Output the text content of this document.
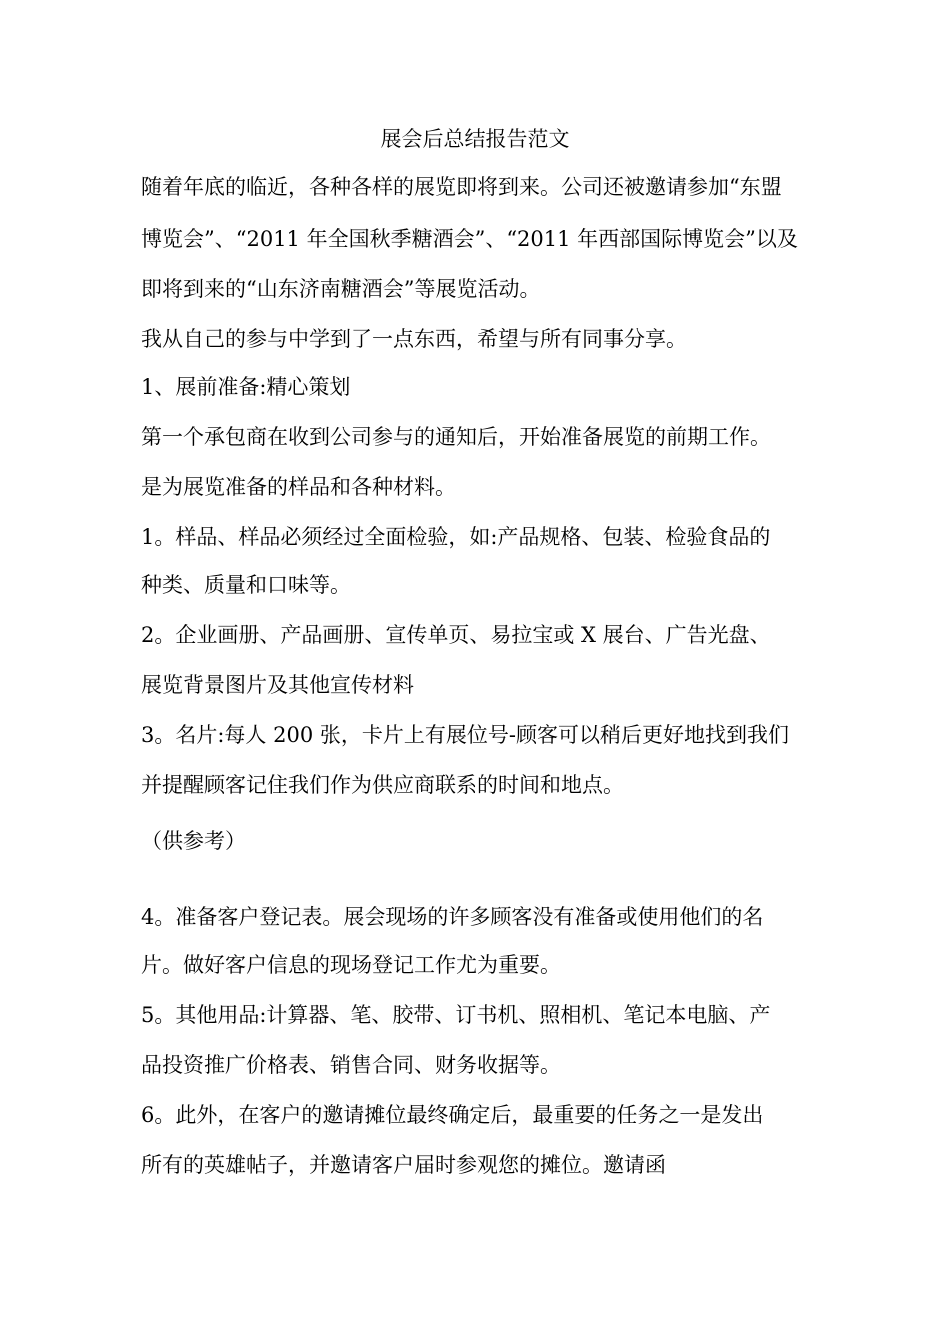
展会后总结报告范文
随着年底的临近，各种各样的展览即将到来。公司还被邀请参加“东盟
博览会”、“2011 年全国秋季糖酒会”、“2011 年西部国际博览会”以及
即将到来的“山东济南糖酒会”等展览活动。
我从自己的参与中学到了一点东西，希望与所有同事分享。
1、展前准备:精心策划
第一个承包商在收到公司参与的通知后，开始准备展览的前期工作。
是为展览准备的样品和各种材料。
1。样品、样品必须经过全面检验，如:产品规格、包装、检验食品的
种类、质量和口味等。
2。企业画册、产品画册、宣传单页、易拉宝或 X 展台、广告光盘、
展览背景图片及其他宣传材料
3。名片:每人 200 张，卡片上有展位号-顾客可以稍后更好地找到我们
并提醒顾客记住我们作为供应商联系的时间和地点。
（供参考）
4。准备客户登记表。展会现场的许多顾客没有准备或使用他们的名
片。做好客户信息的现场登记工作尤为重要。
5。其他用品:计算器、笔、胶带、订书机、照相机、笔记本电脑、产
品投资推广价格表、销售合同、财务收据等。
6。此外，在客户的邀请摊位最终确定后，最重要的任务之一是发出
所有的英雄帖子，并邀请客户届时参观您的摊位。邀请函
